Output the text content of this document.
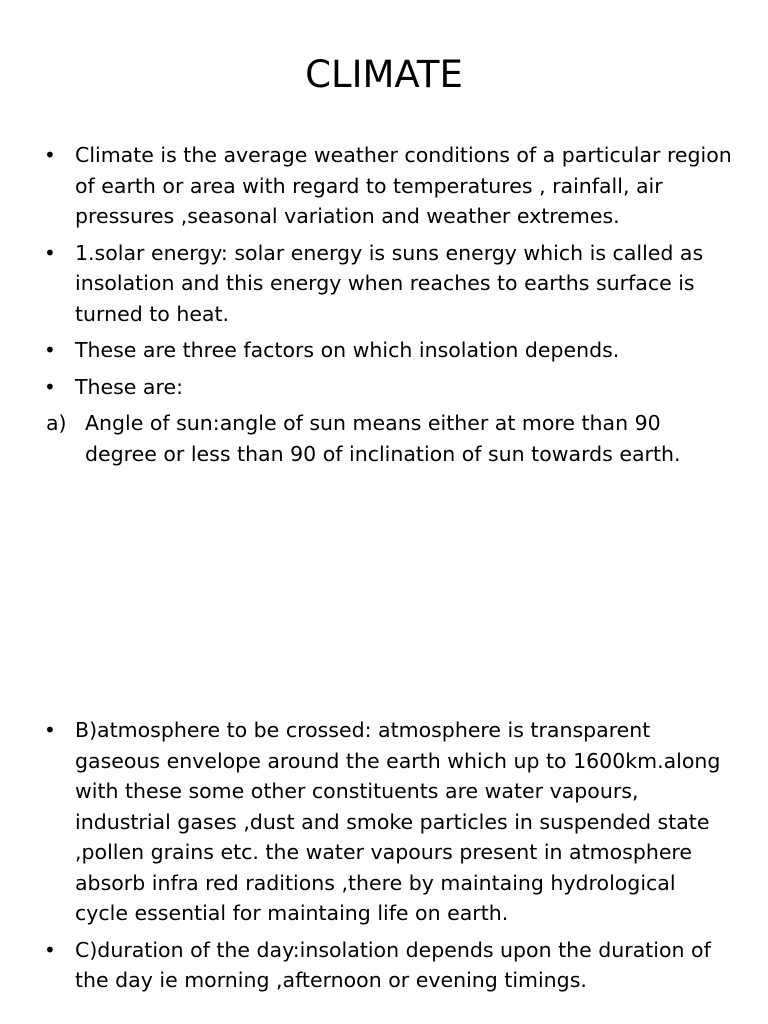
CLIMATE
• Climate is the average weather conditions of a particular region of earth or area with regard to temperatures , rainfall, air pressures ,seasonal variation and weather extremes.
• 1.solar energy: solar energy is suns energy which is called as insolation and this energy when reaches to earths surface is turned to heat.
• These are three factors on which insolation depends.
• These are:
a) Angle of sun:angle of sun means either at more than 90 degree or less than 90 of inclination of sun towards earth.
• B)atmosphere to be crossed: atmosphere is transparent gaseous envelope around the earth which up to 1600km.along with these some other constituents are water vapours, industrial gases ,dust and smoke particles in suspended state ,pollen grains etc. the water vapours present in atmosphere absorb infra red raditions ,there by maintaing hydrological cycle essential for maintaing life on earth.
• C)duration of the day:insolation depends upon the duration of the day ie morning ,afternoon or evening timings.
